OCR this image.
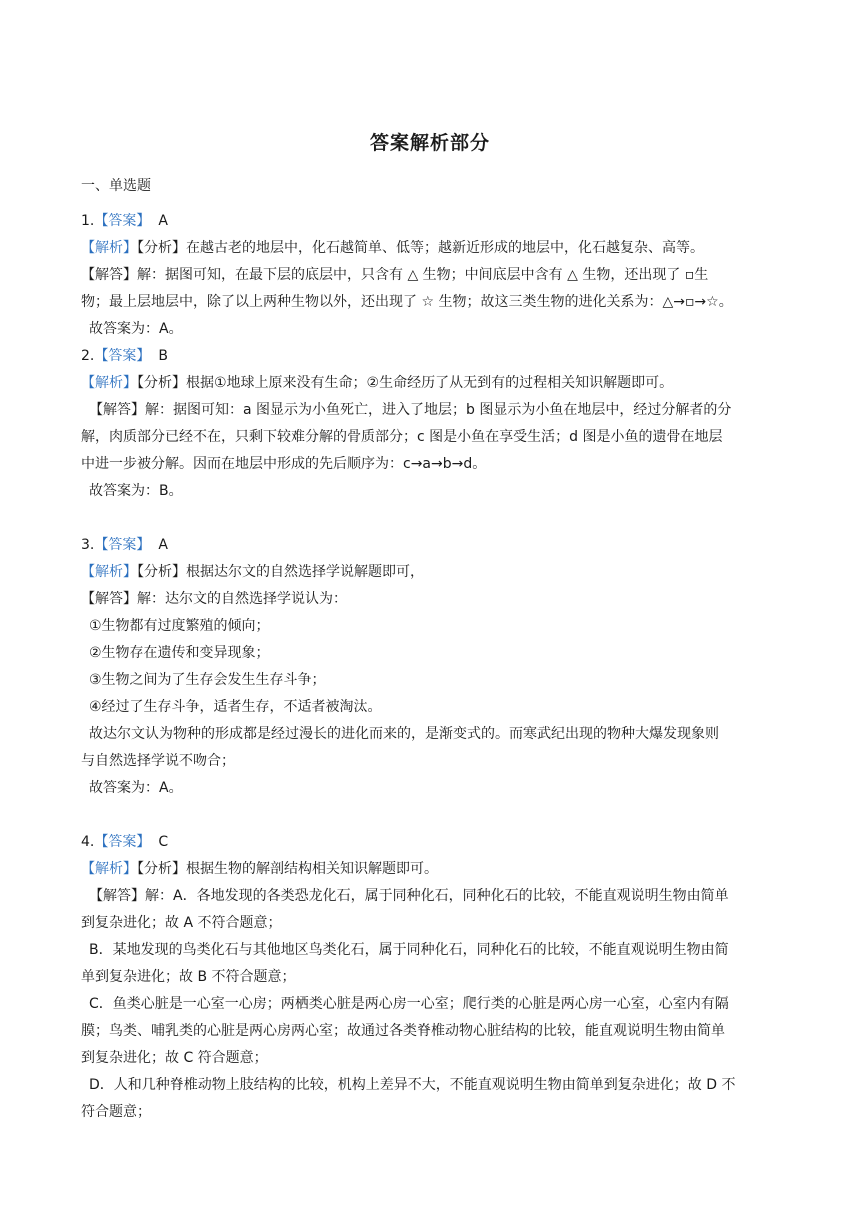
答案解析部分
一、单选题
1.【答案】 A
【解析】【分析】在越古老的地层中，化石越简单、低等；越新近形成的地层中，化石越复杂、高等。
【解答】解：据图可知，在最下层的底层中，只含有 △ 生物；中间底层中含有 △ 生物，还出现了 ▫生
物；最上层地层中，除了以上两种生物以外，还出现了 ☆ 生物；故这三类生物的进化关系为：△→▫→☆。
故答案为：A。
2.【答案】 B
【解析】【分析】根据①地球上原来没有生命；②生命经历了从无到有的过程相关知识解题即可。
【解答】解：据图可知：a 图显示为小鱼死亡，进入了地层；b 图显示为小鱼在地层中，经过分解者的分
解，肉质部分已经不在，只剩下较难分解的骨质部分；c 图是小鱼在享受生活；d 图是小鱼的遗骨在地层
中进一步被分解。因而在地层中形成的先后顺序为：c→a→b→d。
故答案为：B。
3.【答案】 A
【解析】【分析】根据达尔文的自然选择学说解题即可，
【解答】解：达尔文的自然选择学说认为：
①生物都有过度繁殖的倾向；
②生物存在遗传和变异现象；
③生物之间为了生存会发生生存斗争；
④经过了生存斗争，适者生存，不适者被淘汰。
故达尔文认为物种的形成都是经过漫长的进化而来的，是渐变式的。而寒武纪出现的物种大爆发现象则
与自然选择学说不吻合；
故答案为：A。
4.【答案】 C
【解析】【分析】根据生物的解剖结构相关知识解题即可。
【解答】解：A．各地发现的各类恐龙化石，属于同种化石，同种化石的比较，不能直观说明生物由简单
到复杂进化；故 A 不符合题意；
B．某地发现的鸟类化石与其他地区鸟类化石，属于同种化石，同种化石的比较，不能直观说明生物由简
单到复杂进化；故 B 不符合题意；
C．鱼类心脏是一心室一心房；两栖类心脏是两心房一心室；爬行类的心脏是两心房一心室，心室内有隔
膜；鸟类、哺乳类的心脏是两心房两心室；故通过各类脊椎动物心脏结构的比较，能直观说明生物由简单
到复杂进化；故 C 符合题意；
D．人和几种脊椎动物上肢结构的比较，机构上差异不大，不能直观说明生物由简单到复杂进化；故 D 不
符合题意；
